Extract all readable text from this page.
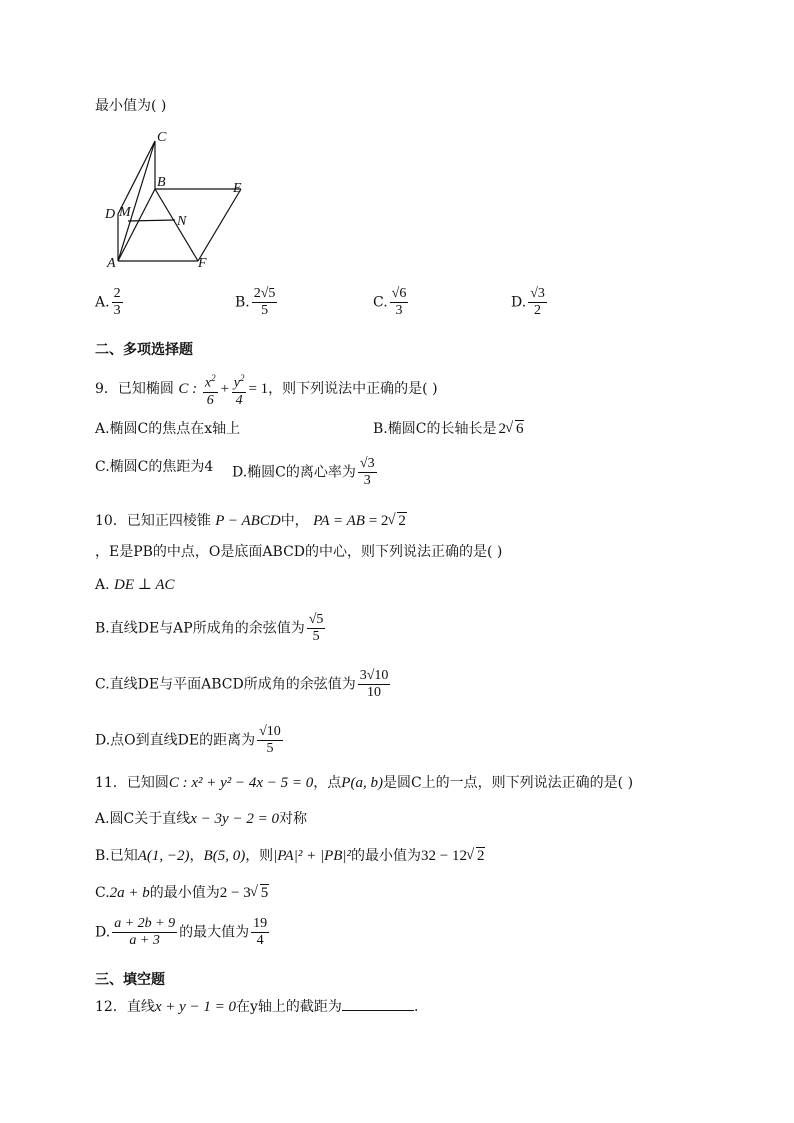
最小值为( )
C
B	E
D M
N
A	F
A. $\frac{2}{3}$	B. $\frac{2√5}{5}$	C. $\frac{√6}{3}$	D. $\frac{√3}{2}$
二、多项选择题
9．已知椭圆 C : $\frac{x^2}{6} + \frac{y^2}{4} = 1$，则下列说法中正确的是( )
A.椭圆C的焦点在x轴上	B.椭圆C的长轴长是 2 √ 6
C.椭圆C的焦距为4 D.椭圆C的离心率为 $\frac{√3}{3}$
10．已知正四棱锥 P − ABCD中， PA = AB = 2 √ 2
，E是PB的中点，O是底面ABCD的中心，则下列说法正确的是( )
A. DE ⊥ AC
B.直线DE与AP所成角的余弦值为 $\frac{√5}{5}$
C.直线DE与平面ABCD所成角的余弦值为 $\frac{3√10}{10}$
D.点O到直线DE的距离为 $\frac{√10}{5}$
11．已知圆C : x² + y² − 4x − 5 = 0，点P(a, b)是圆C上的一点，则下列说法正确的是( )
A.圆C关于直线x − 3y − 2 = 0对称
B.已知A(1, −2)，B(5, 0)，则|PA|² + |PB|²的最小值为32 − 12 √ 2
C.2a + b的最小值为2 − 3 √ 5
D. $\frac{a + 2b + 9}{a + 3}$ 的最大值为 $\frac{19}{4}$
三、填空题
12．直线x + y − 1 = 0在y轴上的截距为	.
